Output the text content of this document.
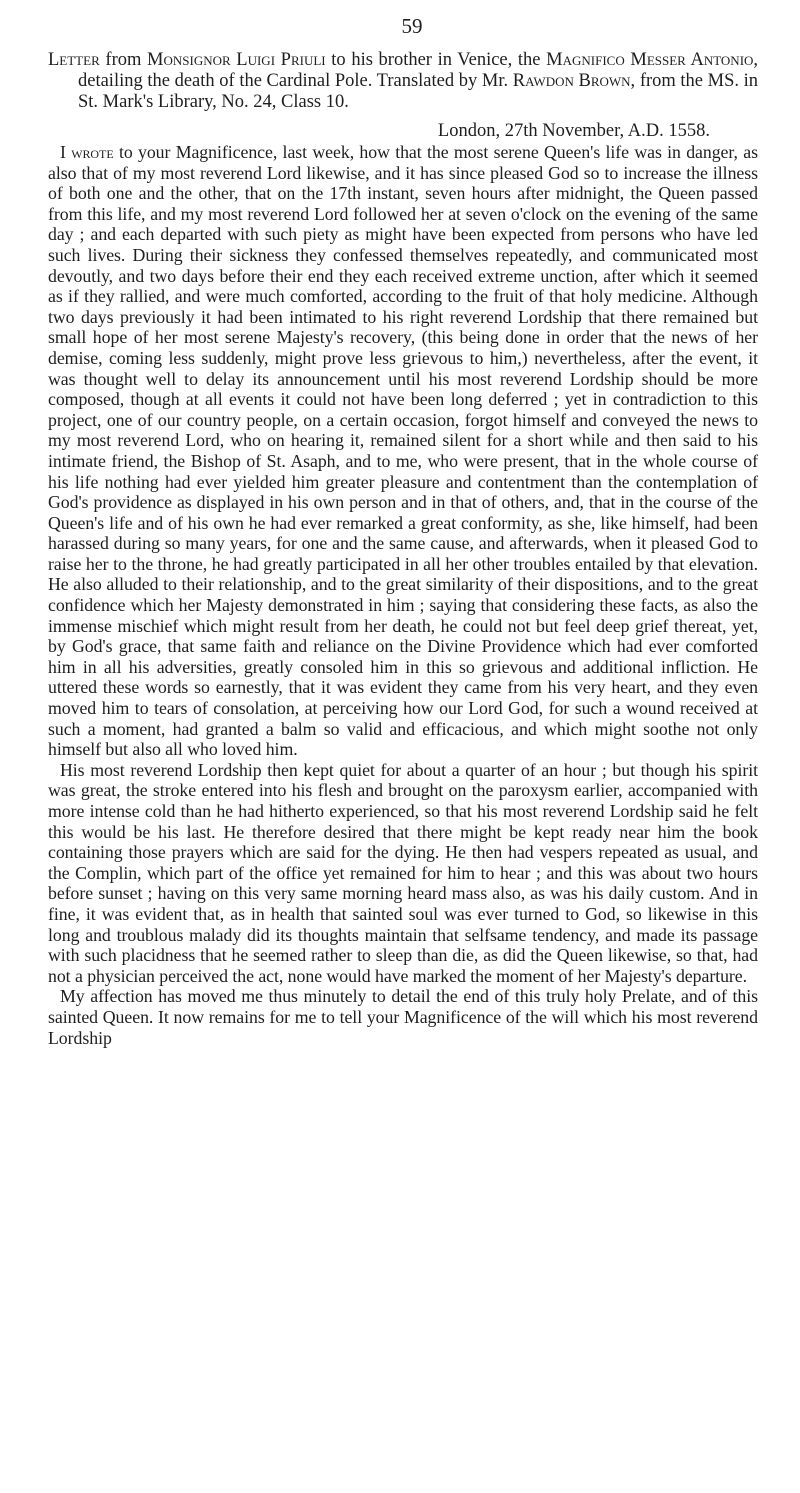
59
Letter from Monsignor Luigi Priuli to his brother in Venice, the Magnifico Messer Antonio, detailing the death of the Cardinal Pole. Translated by Mr. Rawdon Brown, from the MS. in St. Mark's Library, No. 24, Class 10.
London, 27th November, A.D. 1558.

I wrote to your Magnificence, last week, how that the most serene Queen's life was in danger, as also that of my most reverend Lord likewise, and it has since pleased God so to increase the illness of both one and the other, that on the 17th instant, seven hours after midnight, the Queen passed from this life, and my most reverend Lord followed her at seven o'clock on the evening of the same day ; and each departed with such piety as might have been expected from persons who have led such lives. During their sickness they confessed themselves repeatedly, and communicated most devoutly, and two days before their end they each received extreme unction, after which it seemed as if they rallied, and were much comforted, according to the fruit of that holy medicine. Although two days previously it had been intimated to his right reverend Lordship that there remained but small hope of her most serene Majesty's recovery, (this being done in order that the news of her demise, coming less suddenly, might prove less grievous to him,) nevertheless, after the event, it was thought well to delay its announcement until his most reverend Lordship should be more composed, though at all events it could not have been long deferred ; yet in contradiction to this project, one of our country people, on a certain occasion, forgot himself and conveyed the news to my most reverend Lord, who on hearing it, remained silent for a short while and then said to his intimate friend, the Bishop of St. Asaph, and to me, who were present, that in the whole course of his life nothing had ever yielded him greater pleasure and contentment than the contemplation of God's providence as displayed in his own person and in that of others, and, that in the course of the Queen's life and of his own he had ever remarked a great conformity, as she, like himself, had been harassed during so many years, for one and the same cause, and afterwards, when it pleased God to raise her to the throne, he had greatly participated in all her other troubles entailed by that elevation. He also alluded to their relationship, and to the great similarity of their dispositions, and to the great confidence which her Majesty demonstrated in him ; saying that considering these facts, as also the immense mischief which might result from her death, he could not but feel deep grief thereat, yet, by God's grace, that same faith and reliance on the Divine Providence which had ever comforted him in all his adversities, greatly consoled him in this so grievous and additional infliction. He uttered these words so earnestly, that it was evident they came from his very heart, and they even moved him to tears of consolation, at perceiving how our Lord God, for such a wound received at such a moment, had granted a balm so valid and efficacious, and which might soothe not only himself but also all who loved him.

His most reverend Lordship then kept quiet for about a quarter of an hour ; but though his spirit was great, the stroke entered into his flesh and brought on the paroxysm earlier, accompanied with more intense cold than he had hitherto experienced, so that his most reverend Lordship said he felt this would be his last. He therefore desired that there might be kept ready near him the book containing those prayers which are said for the dying. He then had vespers repeated as usual, and the Complin, which part of the office yet remained for him to hear ; and this was about two hours before sunset ; having on this very same morning heard mass also, as was his daily custom. And in fine, it was evident that, as in health that sainted soul was ever turned to God, so likewise in this long and troublous malady did its thoughts maintain that selfsame tendency, and made its passage with such placidness that he seemed rather to sleep than die, as did the Queen likewise, so that, had not a physician perceived the act, none would have marked the moment of her Majesty's departure.

My affection has moved me thus minutely to detail the end of this truly holy Prelate, and of this sainted Queen. It now remains for me to tell your Magnificence of the will which his most reverend Lordship
